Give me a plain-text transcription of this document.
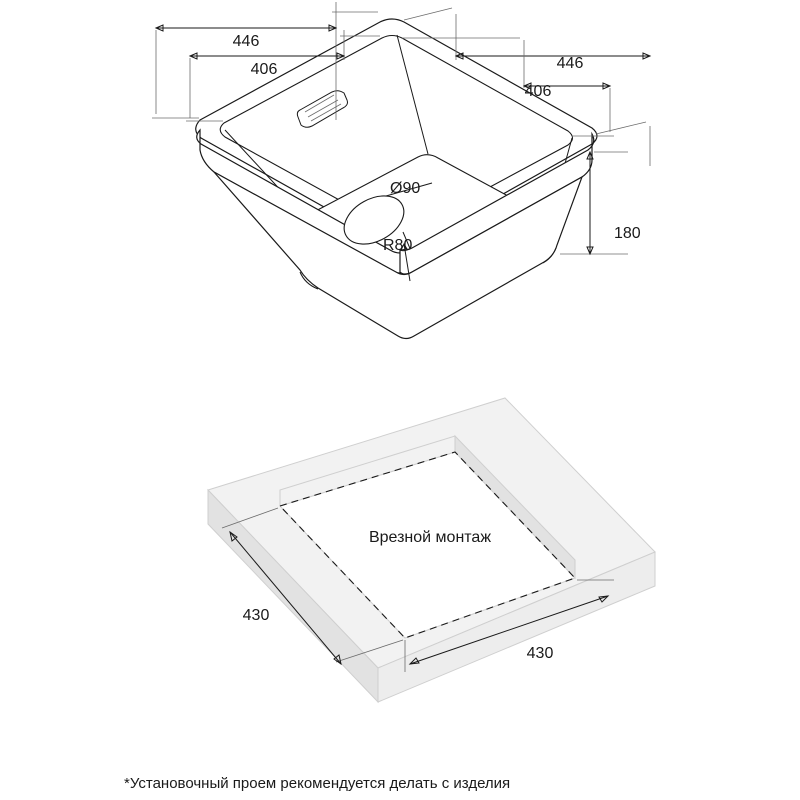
446
406	446
406
180
Ø90
R80
Врезной монтаж
430
430
*Установочный проем рекомендуется делать с изделия
